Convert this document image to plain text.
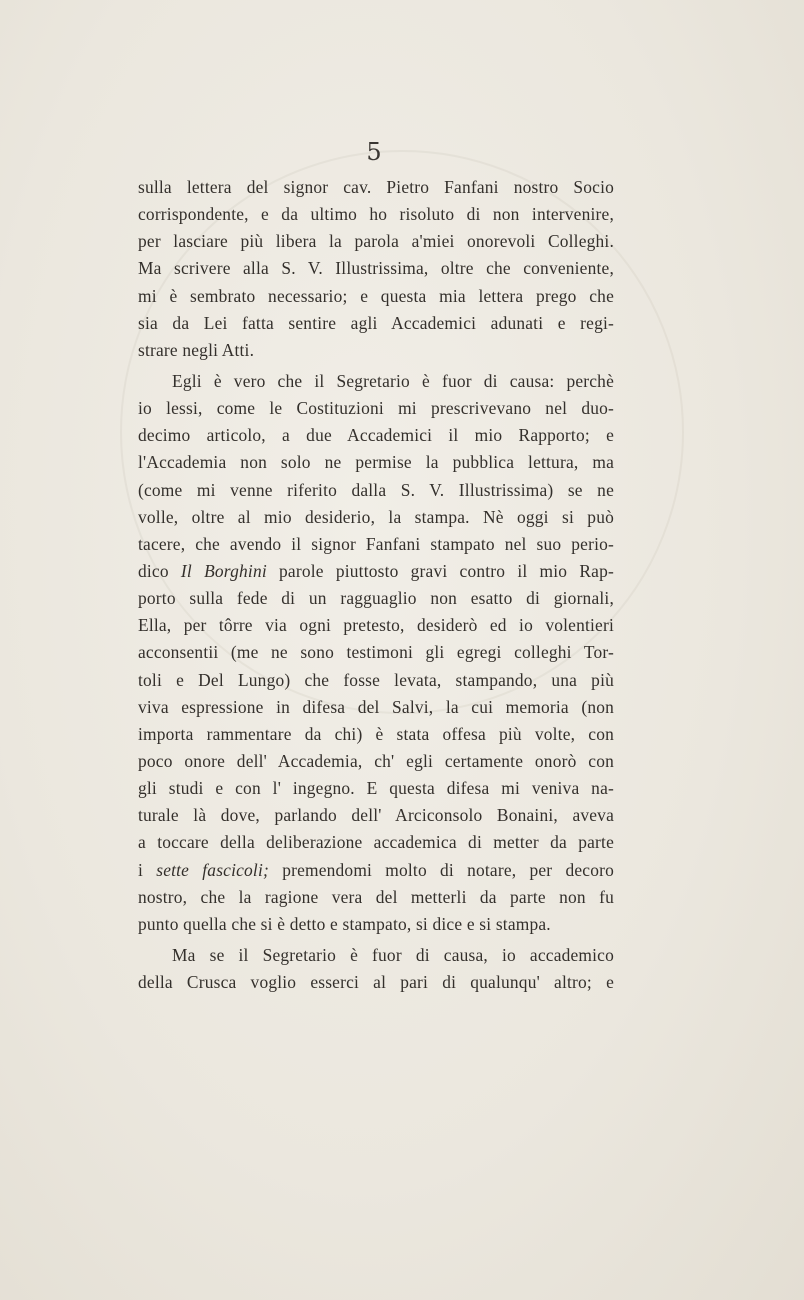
5
sulla lettera del signor cav. Pietro Fanfani nostro Socio
corrispondente, e da ultimo ho risoluto di non intervenire,
per lasciare più libera la parola a'miei onorevoli Colleghi.
Ma scrivere alla S. V. Illustrissima, oltre che conveniente,
mi è sembrato necessario; e questa mia lettera prego che
sia da Lei fatta sentire agli Accademici adunati e regi-
strare negli Atti.
Egli è vero che il Segretario è fuor di causa: perchè
io lessi, come le Costituzioni mi prescrivevano nel duo-
decimo articolo, a due Accademici il mio Rapporto; e
l'Accademia non solo ne permise la pubblica lettura, ma
(come mi venne riferito dalla S. V. Illustrissima) se ne
volle, oltre al mio desiderio, la stampa. Nè oggi si può
tacere, che avendo il signor Fanfani stampato nel suo perio-
dico Il Borghini parole piuttosto gravi contro il mio Rap-
porto sulla fede di un ragguaglio non esatto di giornali,
Ella, per tôrre via ogni pretesto, desiderò ed io volentieri
acconsentii (me ne sono testimoni gli egregi colleghi Tor-
toli e Del Lungo) che fosse levata, stampando, una più
viva espressione in difesa del Salvi, la cui memoria (non
importa rammentare da chi) è stata offesa più volte, con
poco onore dell' Accademia, ch' egli certamente onorò con
gli studi e con l' ingegno. E questa difesa mi veniva na-
turale là dove, parlando dell' Arciconsolo Bonaini, aveva
a toccare della deliberazione accademica di metter da parte
i sette fascicoli; premendomi molto di notare, per decoro
nostro, che la ragione vera del metterli da parte non fu
punto quella che si è detto e stampato, si dice e si stampa.
Ma se il Segretario è fuor di causa, io accademico
della Crusca voglio esserci al pari di qualunqu' altro; e
